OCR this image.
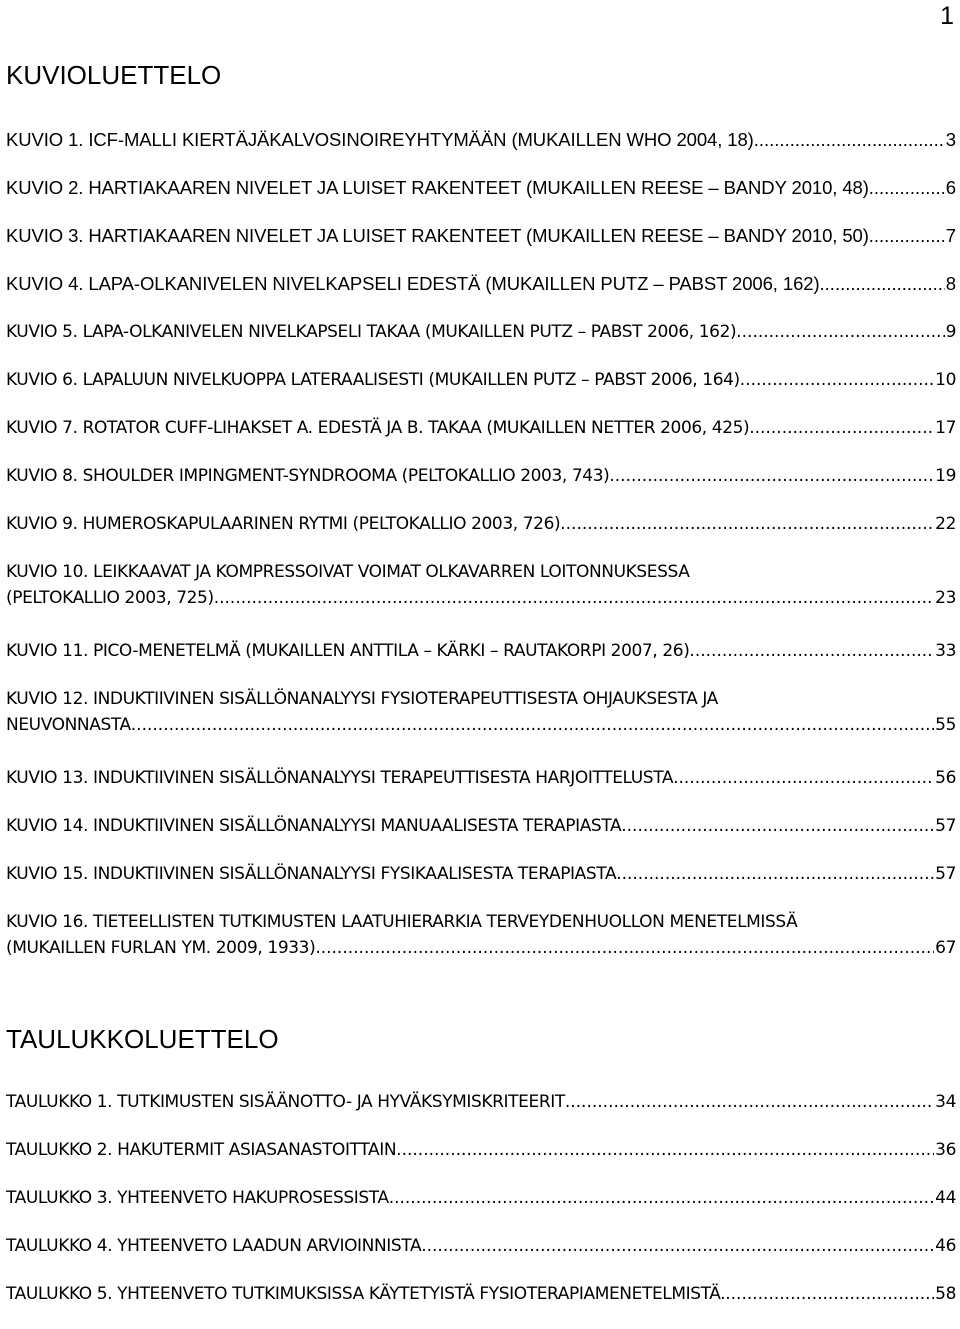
1
KUVIOLUETTELO
KUVIO 1. ICF-MALLI KIERTÄJÄKALVOSINOIREYHTYMÄÄN (MUKAILLEN WHO 2004, 18) .....	3
KUVIO 2. HARTIAKAAREN NIVELET JA LUISET RAKENTEET (MUKAILLEN REESE – BANDY 2010, 48). .....	6
KUVIO 3. HARTIAKAAREN NIVELET JA LUISET RAKENTEET (MUKAILLEN REESE – BANDY 2010, 50). .....	7
KUVIO 4. LAPA-OLKANIVELEN NIVELKAPSELI EDESTÄ (MUKAILLEN PUTZ – PABST 2006, 162) .....	8
KUVIO 5. LAPA-OLKANIVELEN NIVELKAPSELI TAKAA (MUKAILLEN PUTZ – PABST 2006, 162) .....	9
KUVIO 6. LAPALUUN NIVELKUOPPA LATERAALISESTI (MUKAILLEN PUTZ – PABST 2006, 164) .....	10
KUVIO 7. ROTATOR CUFF-LIHAKSET A. EDESTÄ JA B. TAKAA (MUKAILLEN NETTER 2006, 425) .....	17
KUVIO 8. SHOULDER IMPINGMENT-SYNDROOMA (PELTOKALLIO 2003, 743) .....	19
KUVIO 9. HUMEROSKAPULAARINEN RYTMI (PELTOKALLIO 2003, 726) .....	22
KUVIO 10. LEIKKAAVAT JA KOMPRESSOIVAT VOIMAT OLKAVARREN LOITONNUKSESSA
(PELTOKALLIO 2003, 725) .....	23
KUVIO 11. PICO-MENETELMÄ (MUKAILLEN ANTTILA – KÄRKI – RAUTAKORPI 2007, 26) .....	33
KUVIO 12. INDUKTIIVINEN SISÄLLÖNANALYYSI FYSIOTERAPEUTTISESTA OHJAUKSESTA JA
NEUVONNASTA .....	55
KUVIO 13. INDUKTIIVINEN SISÄLLÖNANALYYSI TERAPEUTTISESTA HARJOITTELUSTA .....	56
KUVIO 14. INDUKTIIVINEN SISÄLLÖNANALYYSI MANUAALISESTA TERAPIASTA .....	57
KUVIO 15. INDUKTIIVINEN SISÄLLÖNANALYYSI FYSIKAALISESTA TERAPIASTA .....	57
KUVIO 16. TIETEELLISTEN TUTKIMUSTEN LAATUHIERARKIA TERVEYDENHUOLLON MENETELMISSÄ
(MUKAILLEN FURLAN YM. 2009, 1933) .....	67
TAULUKKOLUETTELO
TAULUKKO 1. TUTKIMUSTEN SISÄÄNOTTO- JA HYVÄKSYMISKRITEERIT .....	34
TAULUKKO 2. HAKUTERMIT ASIASANASTOITTAIN .....	36
TAULUKKO 3. YHTEENVETO HAKUPROSESSISTA .....	44
TAULUKKO 4. YHTEENVETO LAADUN ARVIOINNISTA .....	46
TAULUKKO 5. YHTEENVETO TUTKIMUKSISSA KÄYTETYISTÄ FYSIOTERAPIAMENETELMISTÄ. .....	58
